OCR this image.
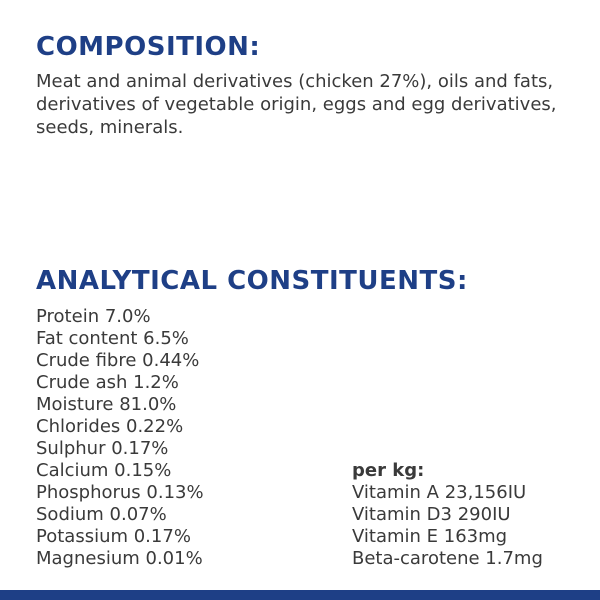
COMPOSITION:

Meat and animal derivatives (chicken 27%), oils and fats, derivatives of vegetable origin, eggs and egg derivatives, seeds, minerals.

ANALYTICAL CONSTITUENTS:
Protein 7.0%
Fat content 6.5%
Crude fibre 0.44%
Crude ash 1.2%
Moisture 81.0%
Chlorides 0.22%
Sulphur 0.17%
Calcium 0.15%
Phosphorus 0.13%
Sodium 0.07%
Potassium 0.17%
Magnesium 0.01%
per kg:
Vitamin A 23,156IU
Vitamin D3 290IU
Vitamin E 163mg
Beta-carotene 1.7mg
